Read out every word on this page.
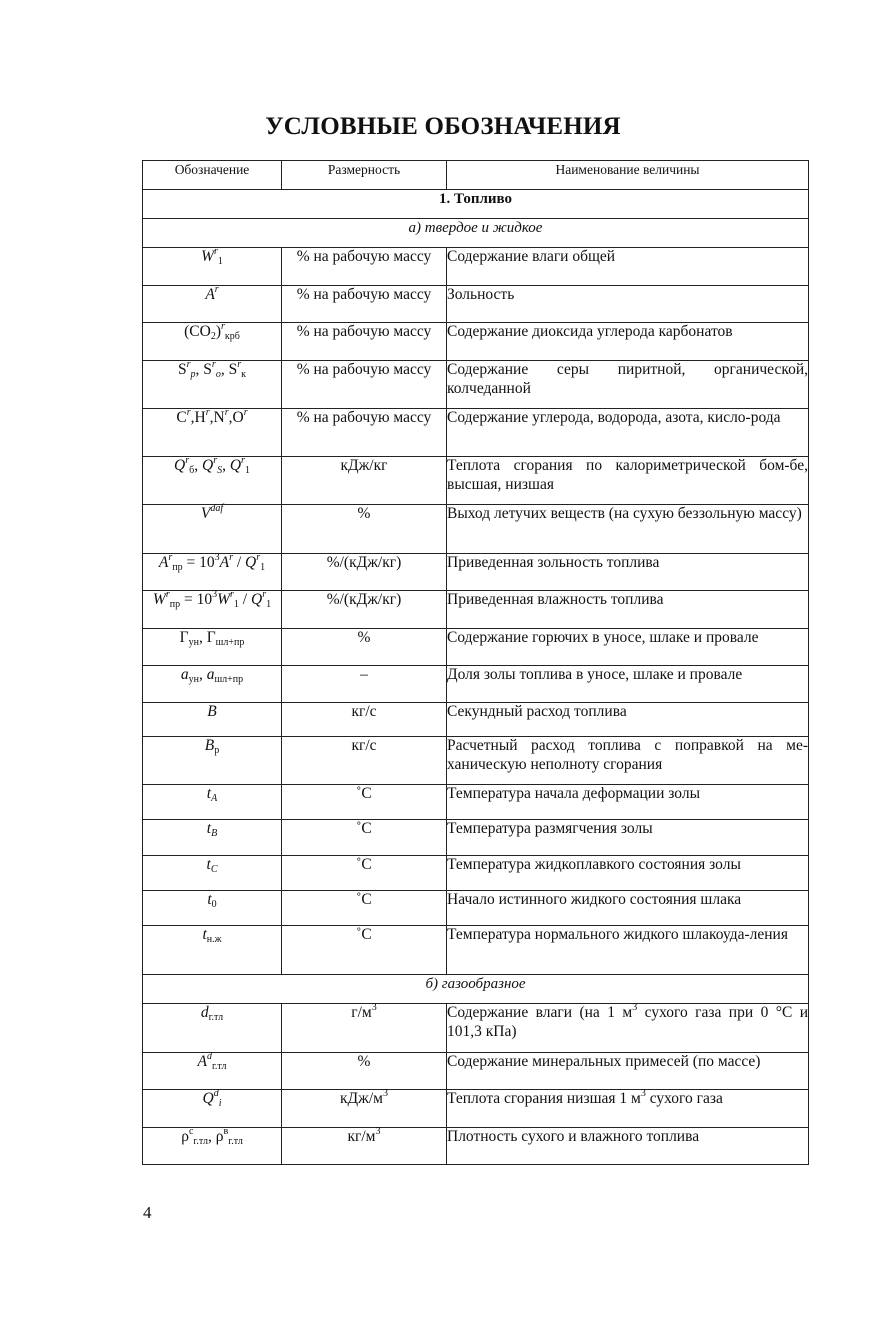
УСЛОВНЫЕ ОБОЗНАЧЕНИЯ
Обозначение	Размерность	Наименование величины
1. Топливо		
а) твердое и жидкое		
$W^r_1$	% на рабочую массу	Содержание влаги общей
$A^r$	% на рабочую массу	Зольность
$(CO_2)^r_{крб}$	% на рабочую массу	Содержание диоксида углерода карбонатов
$S^r_p$, $S^r_o$, $S^r_к$	% на рабочую массу	Содержание серы пиритной, органической, колчеданной
$C^r,H^r,N^r,O^r$	% на рабочую массу	Содержание углерода, водорода, азота, кисло-рода
$Q^r_б$, $Q^r_S$, $Q^r_1$	кДж/кг	Теплота сгорания по калориметрической бом-бе, высшая, низшая
$V^{daf}$	%	Выход летучих веществ (на сухую беззольную массу)
$A^r_{пр} = 10^3A^r / Q^r_1$	%/(кДж/кг)	Приведенная зольность топлива
$W^r_{пр} = 10^3W^r_1 / Q^r_1$	%/(кДж/кг)	Приведенная влажность топлива
$Г_{ун}$, $Г_{шл+пр}$	%	Содержание горючих в уносе, шлаке и провале
$a_{ун}$, $a_{шл+пр}$	–	Доля золы топлива в уносе, шлаке и провале
B	кг/с	Секундный расход топлива
$B_р$	кг/с	Расчетный расход топлива с поправкой на ме-ханическую неполноту сгорания
$t_A$	˚C	Температура начала деформации золы
$t_B$	˚C	Температура размягчения золы
$t_C$	˚C	Температура жидкоплавкого состояния золы
$t_0$	˚C	Начало истинного жидкого состояния шлака
$t_{н.ж}$	˚C	Температура нормального жидкого шлакоуда-ления
б) газообразное		
$d_{г.тл}$	$г/м^3$	Содержание влаги (на 1 $м^3$ сухого газа при 0 °С и 101,3 кПа)
$A^d_{г.тл}$	%	Содержание минеральных примесей (по массе)
$Q^d_i$	кДж/$м^3$	Теплота сгорания низшая 1 $м^3$ сухого газа
$\rho^с_{г.тл}$, $\rho^в_{г.тл}$	$кг/м^3$	Плотность сухого и влажного топлива

4
